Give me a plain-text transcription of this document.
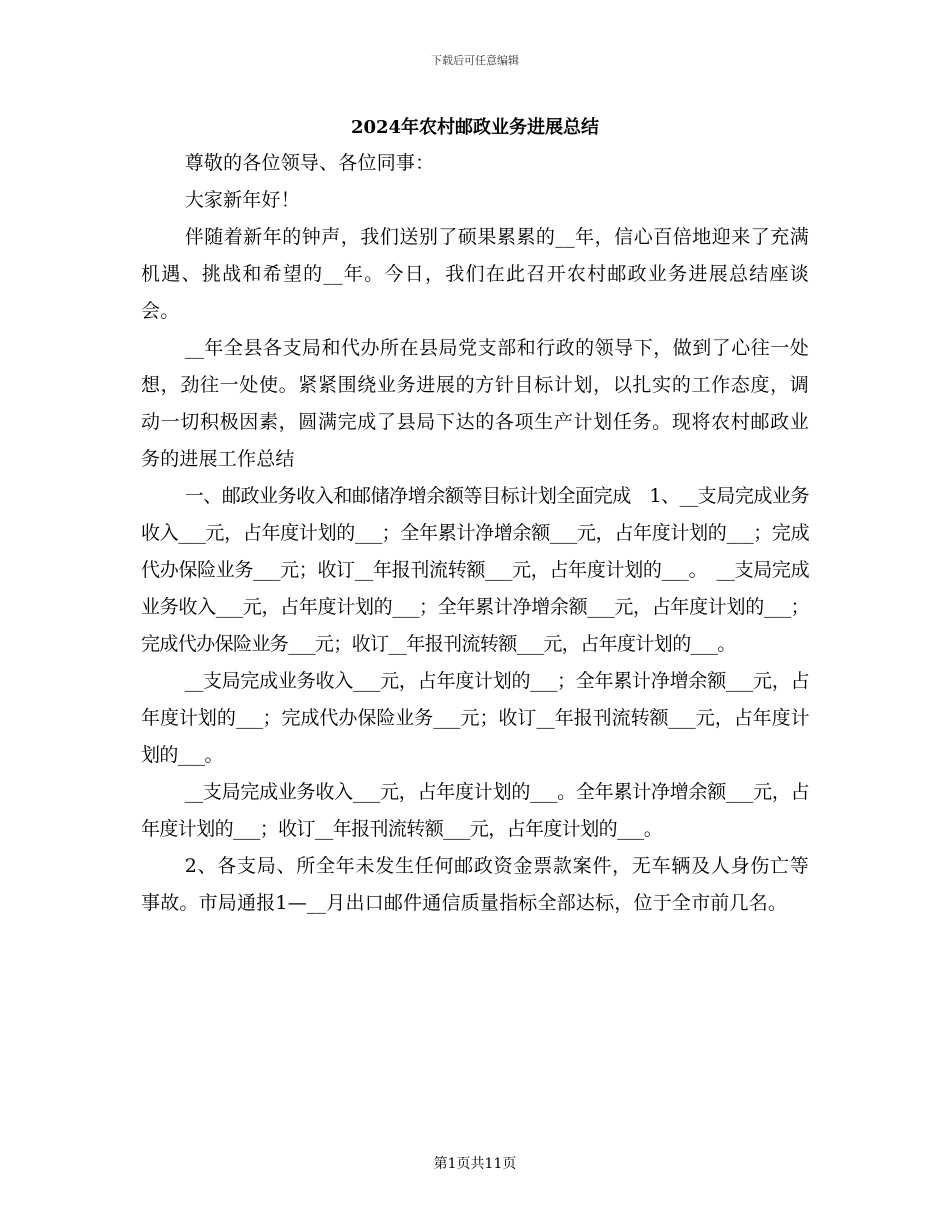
下载后可任意编辑
2024年农村邮政业务进展总结

尊敬的各位领导、各位同事：

大家新年好！

伴随着新年的钟声，我们送别了硕果累累的__年，信心百倍地迎来了充满机遇、挑战和希望的__年。今日，我们在此召开农村邮政业务进展总结座谈会。

__年全县各支局和代办所在县局党支部和行政的领导下，做到了心往一处想，劲往一处使。紧紧围绕业务进展的方针目标计划，以扎实的工作态度，调动一切积极因素，圆满完成了县局下达的各项生产计划任务。现将农村邮政业务的进展工作总结

一、邮政业务收入和邮储净增余额等目标计划全面完成　1、__支局完成业务收入___元，占年度计划的___；全年累计净增余额___元，占年度计划的___；完成代办保险业务___元；收订__年报刊流转额___元，占年度计划的___。　__支局完成业务收入___元，占年度计划的___；全年累计净增余额___元，占年度计划的___；完成代办保险业务___元；收订__年报刊流转额___元，占年度计划的___。

__支局完成业务收入___元，占年度计划的___；全年累计净增余额___元，占年度计划的___；完成代办保险业务___元；收订__年报刊流转额___元，占年度计划的___。

__支局完成业务收入___元，占年度计划的___。全年累计净增余额___元，占年度计划的___；收订__年报刊流转额___元，占年度计划的___。

2、各支局、所全年未发生任何邮政资金票款案件，无车辆及人身伤亡等事故。市局通报1—__月出口邮件通信质量指标全部达标，位于全市前几名。

第1页共11页
